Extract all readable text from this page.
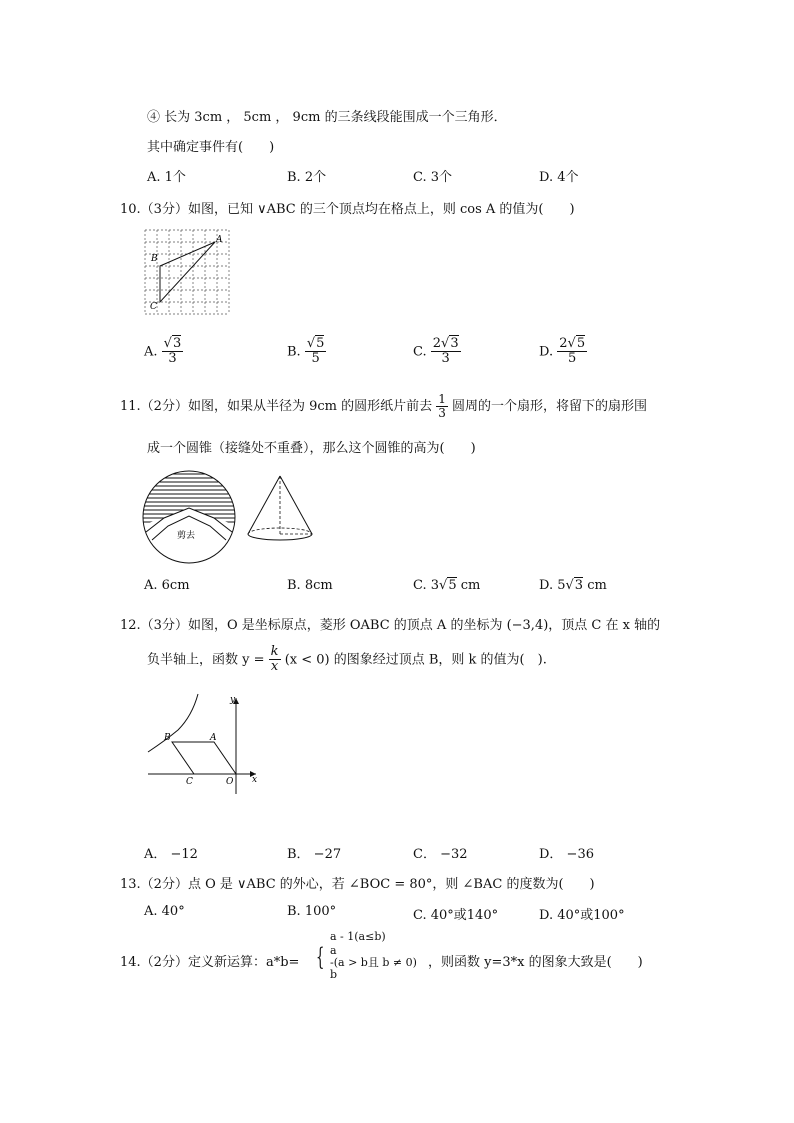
④ 长为 3cm ， 5cm ， 9cm 的三条线段能围成一个三角形．
其中确定事件有(　　)
A. 1个	B. 2个	C. 3个	D. 4个
10.（3分）如图，已知 ∨ABC 的三个顶点均在格点上，则 cos A 的值为(　　)
A
B
C
A. $\frac{√3}{3}$	B. $\frac{√5}{5}$	C. $\frac{2√3}{3}$	D. $\frac{2√5}{5}$
11.（2分）如图，如果从半径为 9cm 的圆形纸片前去 $\frac{1}{3}$ 圆周的一个扇形，将留下的扇形围
成一个圆锥（接缝处不重叠），那么这个圆锥的高为(　　)
剪去
A. 6cm	B. 8cm	C. 3√5 cm	D. 5√3 cm
12.（3分）如图，O 是坐标原点，菱形 OABC 的顶点 A 的坐标为 (−3,4)，顶点 C 在 x 轴的
负半轴上，函数 $y = \frac{k}{x} (x < 0)$ 的图象经过顶点 B，则 k 的值为(　).
y
x
B	A
C	O
A． −12	B． −27	C． −32	D． −36
13.（2分）点 O 是 ∨ABC 的外心，若 ∠BOC = 80°，则 ∠BAC 的度数为(　　)
A. 40°	B. 100°	C. 40°或140°	D. 40°或100°
14.（2分）定义新运算：a*b= {
a - 1(a≤b)
a
-(a > b且 b ≠ 0)
b
，则函数 y=3*x 的图象大致是(　　)
